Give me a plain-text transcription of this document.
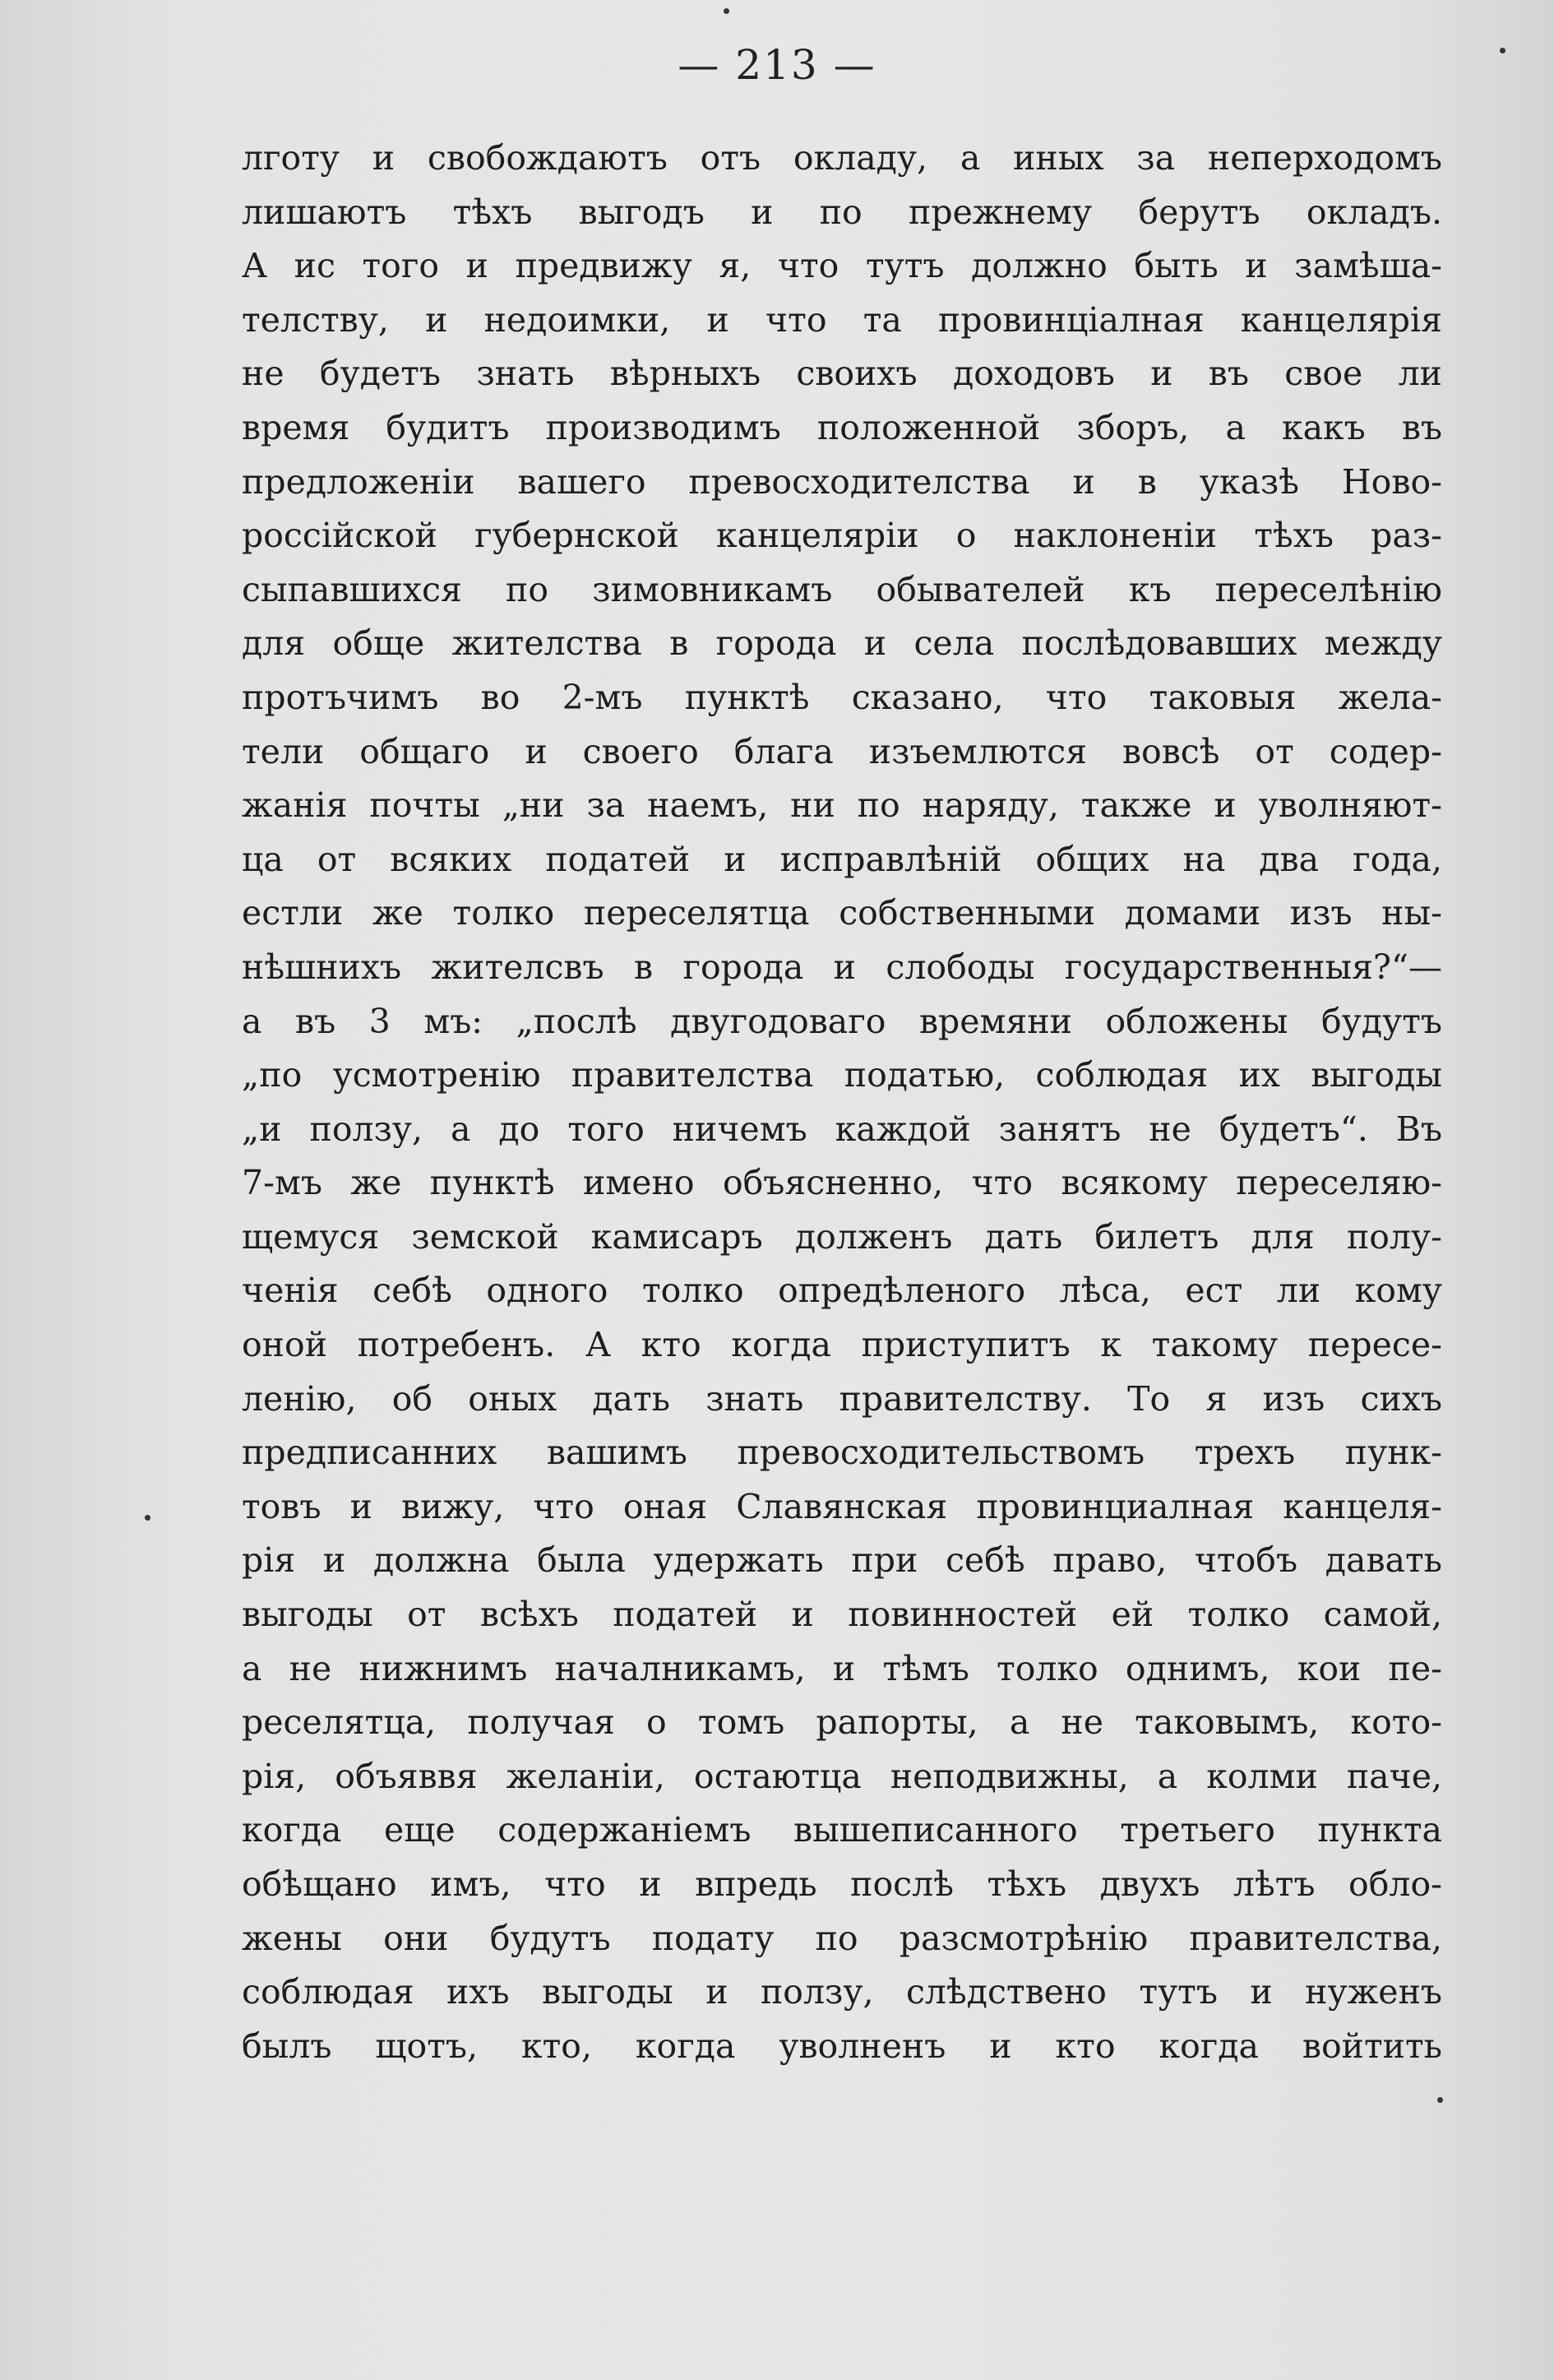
— 213 —
лготу и свобождаютъ отъ окладу, а иных за неперходомъ
лишаютъ тѣхъ выгодъ и по прежнему берутъ окладъ.
А ис того и предвижу я, что тутъ должно быть и замѣша-
телству, и недоимки, и что та провинціалная канцелярія
не будетъ знать вѣрныхъ своихъ доходовъ и въ свое ли
время будитъ производимъ положенной зборъ, а какъ въ
предложеніи вашего превосходителства и в указѣ Ново-
россійской губернской канцеляріи о наклоненіи тѣхъ раз-
сыпавшихся по зимовникамъ обывателей къ переселѣнію
для обще жителства в города и села послѣдовавших между
протъчимъ во 2-мъ пунктѣ сказано, что таковыя жела-
тели общаго и своего блага изъемлются вовсѣ от содер-
жанія почты „ни за наемъ, ни по наряду, также и уволняют-
ца от всяких податей и исправлѣній общих на два года,
естли же толко переселятца собственными домами изъ ны-
нѣшнихъ жителсвъ в города и слободы государственныя?“—
а въ 3 мъ: „послѣ двугодоваго времяни обложены будутъ
„по усмотренію правителства податью, соблюдая их выгоды
„и ползу, а до того ничемъ каждой занятъ не будетъ“. Въ
7-мъ же пунктѣ имено объясненно, что всякому переселяю-
щемуся земской камисаръ долженъ дать билетъ для полу-
ченія себѣ одного толко опредѣленого лѣса, ест ли кому
оной потребенъ. А кто когда приступитъ к такому пересе-
ленію, об оных дать знать правителству. То я изъ сихъ
предписанних вашимъ превосходительствомъ трехъ пунк-
товъ и вижу, что оная Славянская провинциалная канцеля-
рія и должна была удержать при себѣ право, чтобъ давать
выгоды от всѣхъ податей и повинностей ей толко самой,
а не нижнимъ началникамъ, и тѣмъ толко однимъ, кои пе-
реселятца, получая о томъ рапорты, а не таковымъ, кото-
рія, объяввя желаніи, остаютца неподвижны, а колми паче,
когда еще содержаніемъ вышеписанного третьего пункта
обѣщано имъ, что и впредь послѣ тѣхъ двухъ лѣтъ обло-
жены они будутъ подату по разсмотрѣнію правителства,
соблюдая ихъ выгоды и ползу, слѣдствено тутъ и нуженъ
былъ щотъ, кто, когда уволненъ и кто когда войтить
